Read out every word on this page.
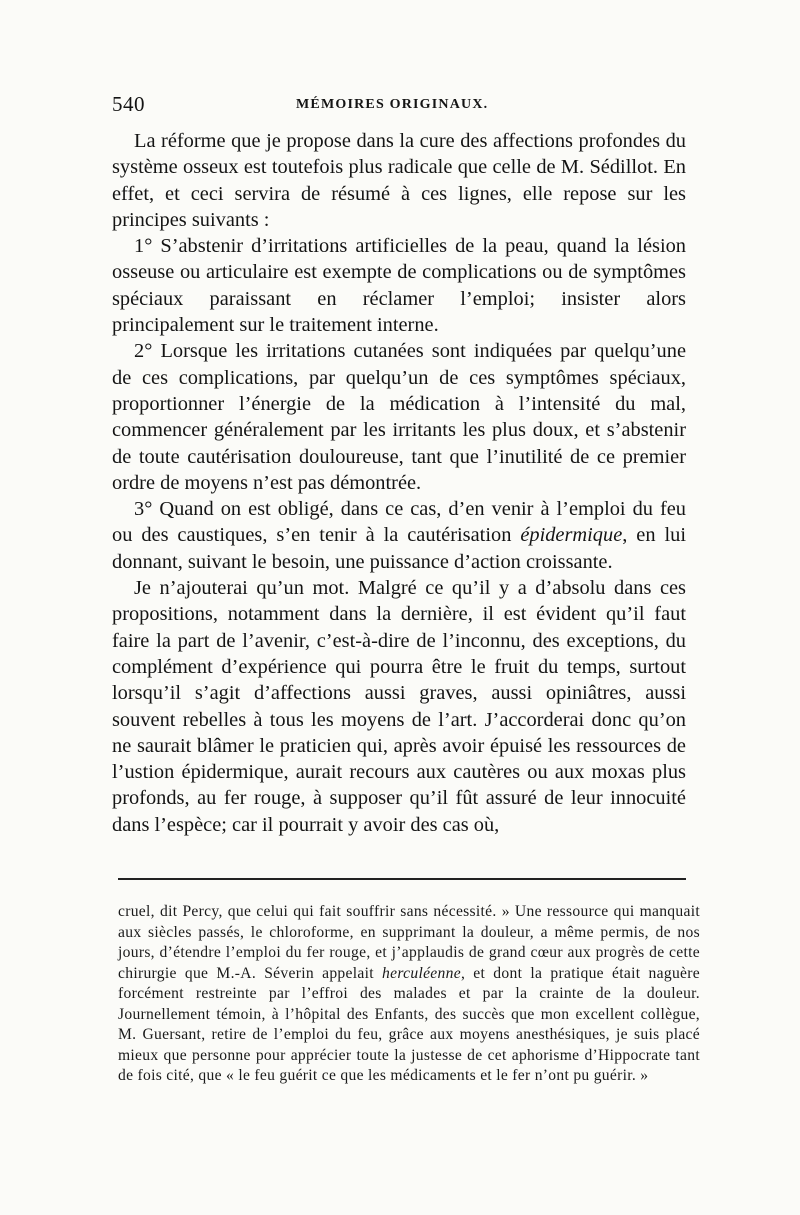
540	MÉMOIRES ORIGINAUX.

La réforme que je propose dans la cure des affections profondes du système osseux est toutefois plus radicale que celle de M. Sédillot. En effet, et ceci servira de résumé à ces lignes, elle repose sur les principes suivants :

1° S’abstenir d’irritations artificielles de la peau, quand la lésion osseuse ou articulaire est exempte de complications ou de symptômes spéciaux paraissant en réclamer l’emploi; insister alors principalement sur le traitement interne.

2° Lorsque les irritations cutanées sont indiquées par quelqu’une de ces complications, par quelqu’un de ces symptômes spéciaux, proportionner l’énergie de la médication à l’intensité du mal, commencer généralement par les irritants les plus doux, et s’abstenir de toute cautérisation douloureuse, tant que l’inutilité de ce premier ordre de moyens n’est pas démontrée.

3° Quand on est obligé, dans ce cas, d’en venir à l’emploi du feu ou des caustiques, s’en tenir à la cautérisation épidermique, en lui donnant, suivant le besoin, une puissance d’action croissante.

Je n’ajouterai qu’un mot. Malgré ce qu’il y a d’absolu dans ces propositions, notamment dans la dernière, il est évident qu’il faut faire la part de l’avenir, c’est-à-dire de l’inconnu, des exceptions, du complément d’expérience qui pourra être le fruit du temps, surtout lorsqu’il s’agit d’affections aussi graves, aussi opiniâtres, aussi souvent rebelles à tous les moyens de l’art. J’accorderai donc qu’on ne saurait blâmer le praticien qui, après avoir épuisé les ressources de l’ustion épidermique, aurait recours aux cautères ou aux moxas plus profonds, au fer rouge, à supposer qu’il fût assuré de leur innocuité dans l’espèce; car il pourrait y avoir des cas où,

cruel, dit Percy, que celui qui fait souffrir sans nécessité. » Une ressource qui manquait aux siècles passés, le chloroforme, en supprimant la douleur, a même permis, de nos jours, d’étendre l’emploi du fer rouge, et j’applaudis de grand cœur aux progrès de cette chirurgie que M.-A. Séverin appelait herculéenne, et dont la pratique était naguère forcément restreinte par l’effroi des malades et par la crainte de la douleur. Journellement témoin, à l’hôpital des Enfants, des succès que mon excellent collègue, M. Guersant, retire de l’emploi du feu, grâce aux moyens anesthésiques, je suis placé mieux que personne pour apprécier toute la justesse de cet aphorisme d’Hippocrate tant de fois cité, que « le feu guérit ce que les médicaments et le fer n’ont pu guérir. »
